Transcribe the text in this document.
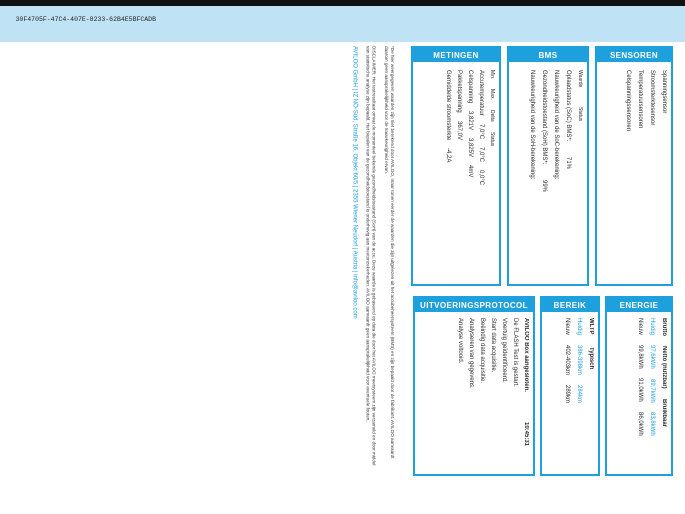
30F4705F-47C4-407E-8233-62B4E5BFCADB
ENERGIE
Brutto
Netto (nutzbar)
Bruikbaar
Huidig
97,6kWh
89,7kWh
83,8kWh
Nieuw
99,8kWh
91,0kWh
86,0kWh
BEREIK
WLTP
Typisch
Huidig
386-398km
284km
Nieuw
402-403km
289km
UITVOERINGSPROTOCOL
AVILOO Box aangesloten.
10:45:31
De FLASH Test is gestart.
Voertuig geïdentificeerd.
Start data acquisitie.
Beëindig data acquisitie.
Analyseren van gegevens.
Analyse voltooid.
SENSOREN
Spanningsensor
Stroomsterktesensor
Temperatuursensoren
Celspanningssensoren
BMS
Waarde
Status
Oplaadstatus (SoC) BMS*:
71%
Nauwkeurigheid van de SoC-berekening:
Gezondheidstoestand (SoH) BMS*:
99%
Nauwkeurigheid van de SoH-berekening:
METINGEN
Min.
Max.
Delta
Status
Accutemperatuur
7,0°C
7,0°C
0,0°C
Celspanning
3,821V
3,825V
4mV
Pakketspanning
367,0V
Gemiddelde stroomsterkte
-4,2A

*De hier weergegeven waarden zijn niet berekend door AVILOO, maar tonen eerder de waarden die zijn uitgelezen uit het accubeheersysteem (BMS) en zijn bepaald door de fabrikant. AVILOO aanvaardt daarom geen aansprakelijkheid voor de nauwkeurigheid ervan.

DISCLAIMER: Het testresultaat omvat de momenteel bekende gezondheidstoestand (SoH) van de accu. Deze waarde is gebaseerd op data die door het AVILOO meetsysteem zijn verzameld en door middel van statistische analyse zijn bepaald. Het bepalen van de gezondheidstoestand is onderhevig aan meetonzekerheden. AVILOO aanvaardt geen aansprakelijkheid voor eventuele fouten.

AVILOO GmbH | IZ NÖ-Süd, Straße 16, Objekt 60/5 | 2355 Wiener Neudorf | Austria | info@aviloo.com
